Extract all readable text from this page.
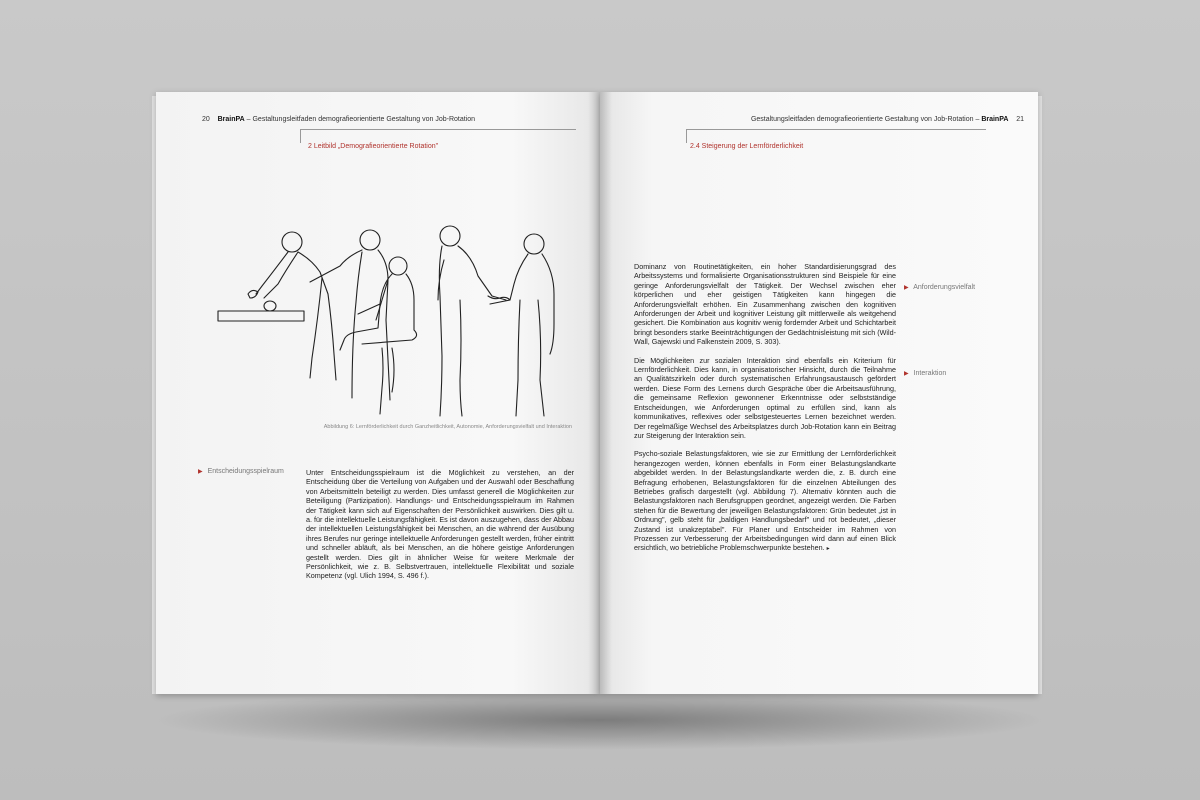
20 BrainPA – Gestaltungsleitfaden demografieorientierte Gestaltung von Job-Rotation
2 Leitbild „Demografieorientierte Rotation"
Gestaltungsleitfaden demografieorientierte Gestaltung von Job-Rotation – BrainPA 21
2.4 Steigerung der Lernförderlichkeit
Abbildung 6: Lernförderlichkeit durch Ganzheitlichkeit, Autonomie, Anforderungsvielfalt und Interaktion
▶ Entscheidungsspielraum	Unter Entscheidungsspielraum ist die Möglichkeit zu verstehen, an der Entscheidung über die Verteilung von Aufgaben und der Auswahl oder Beschaffung von Arbeitsmitteln beteiligt zu werden. Dies umfasst generell die Möglichkeiten zur Beteiligung (Partizipation). Handlungs- und Entscheidungsspielraum im Rahmen der Tätigkeit kann sich auf Eigenschaften der Persönlichkeit auswirken. Dies gilt u. a. für die intellektuelle Leistungsfähigkeit. Es ist davon auszugehen, dass der Abbau der intellektuellen Leistungsfähigkeit bei Menschen, an die während der Ausübung ihres Berufes nur geringe intellektuelle Anforderungen gestellt werden, früher eintritt und schneller abläuft, als bei Menschen, an die höhere geistige Anforderungen gestellt werden. Dies gilt in ähnlicher Weise für weitere Merkmale der Persönlichkeit, wie z. B. Selbstvertrauen, intellektuelle Flexibilität und soziale Kompetenz (vgl. Ulich 1994, S. 496 f.).

▶ Anforderungsvielfalt
▶ Interaktion

Dominanz von Routinetätigkeiten, ein hoher Standardisierungsgrad des Arbeitssystems und formalisierte Organisationsstrukturen sind Beispiele für eine geringe Anforderungsvielfalt der Tätigkeit. Der Wechsel zwischen eher körperlichen und eher geistigen Tätigkeiten kann hingegen die Anforderungsvielfalt erhöhen. Ein Zusammenhang zwischen den kognitiven Anforderungen der Arbeit und kognitiver Leistung gilt mittlerweile als weitgehend gesichert. Die Kombination aus kognitiv wenig fordernder Arbeit und Schichtarbeit bringt besonders starke Beeinträchtigungen der Gedächtnisleistung mit sich (Wild-Wall, Gajewski und Falkenstein 2009, S. 303).

Die Möglichkeiten zur sozialen Interaktion sind ebenfalls ein Kriterium für Lernförderlichkeit. Dies kann, in organisatorischer Hinsicht, durch die Teilnahme an Qualitätszirkeln oder durch systematischen Erfahrungsaustausch gefördert werden. Diese Form des Lernens durch Gespräche über die Arbeitsausführung, die gemeinsame Reflexion gewonnener Erkenntnisse oder selbstständige Entscheidungen, wie Anforderungen optimal zu erfüllen sind, kann als kommunikatives, reflexives oder selbstgesteuertes Lernen bezeichnet werden. Der regelmäßige Wechsel des Arbeitsplatzes durch Job-Rotation kann ein Beitrag zur Steigerung der Interaktion sein.

Psycho-soziale Belastungsfaktoren, wie sie zur Ermittlung der Lernförderlichkeit herangezogen werden, können ebenfalls in Form einer Belastungslandkarte abgebildet werden. In der Belastungslandkarte werden die, z. B. durch eine Befragung erhobenen, Belastungsfaktoren für die einzelnen Abteilungen des Betriebes grafisch dargestellt (vgl. Abbildung 7). Alternativ könnten auch die Belastungsfaktoren nach Berufsgruppen geordnet, angezeigt werden. Die Farben stehen für die Bewertung der jeweiligen Belastungsfaktoren: Grün bedeutet „ist in Ordnung", gelb steht für „baldigen Handlungsbedarf" und rot bedeutet, „dieser Zustand ist unakzeptabel". Für Planer und Entscheider im Rahmen von Prozessen zur Verbesserung der Arbeitsbedingungen wird dann auf einen Blick ersichtlich, wo betriebliche Problemschwerpunkte bestehen. ▸
